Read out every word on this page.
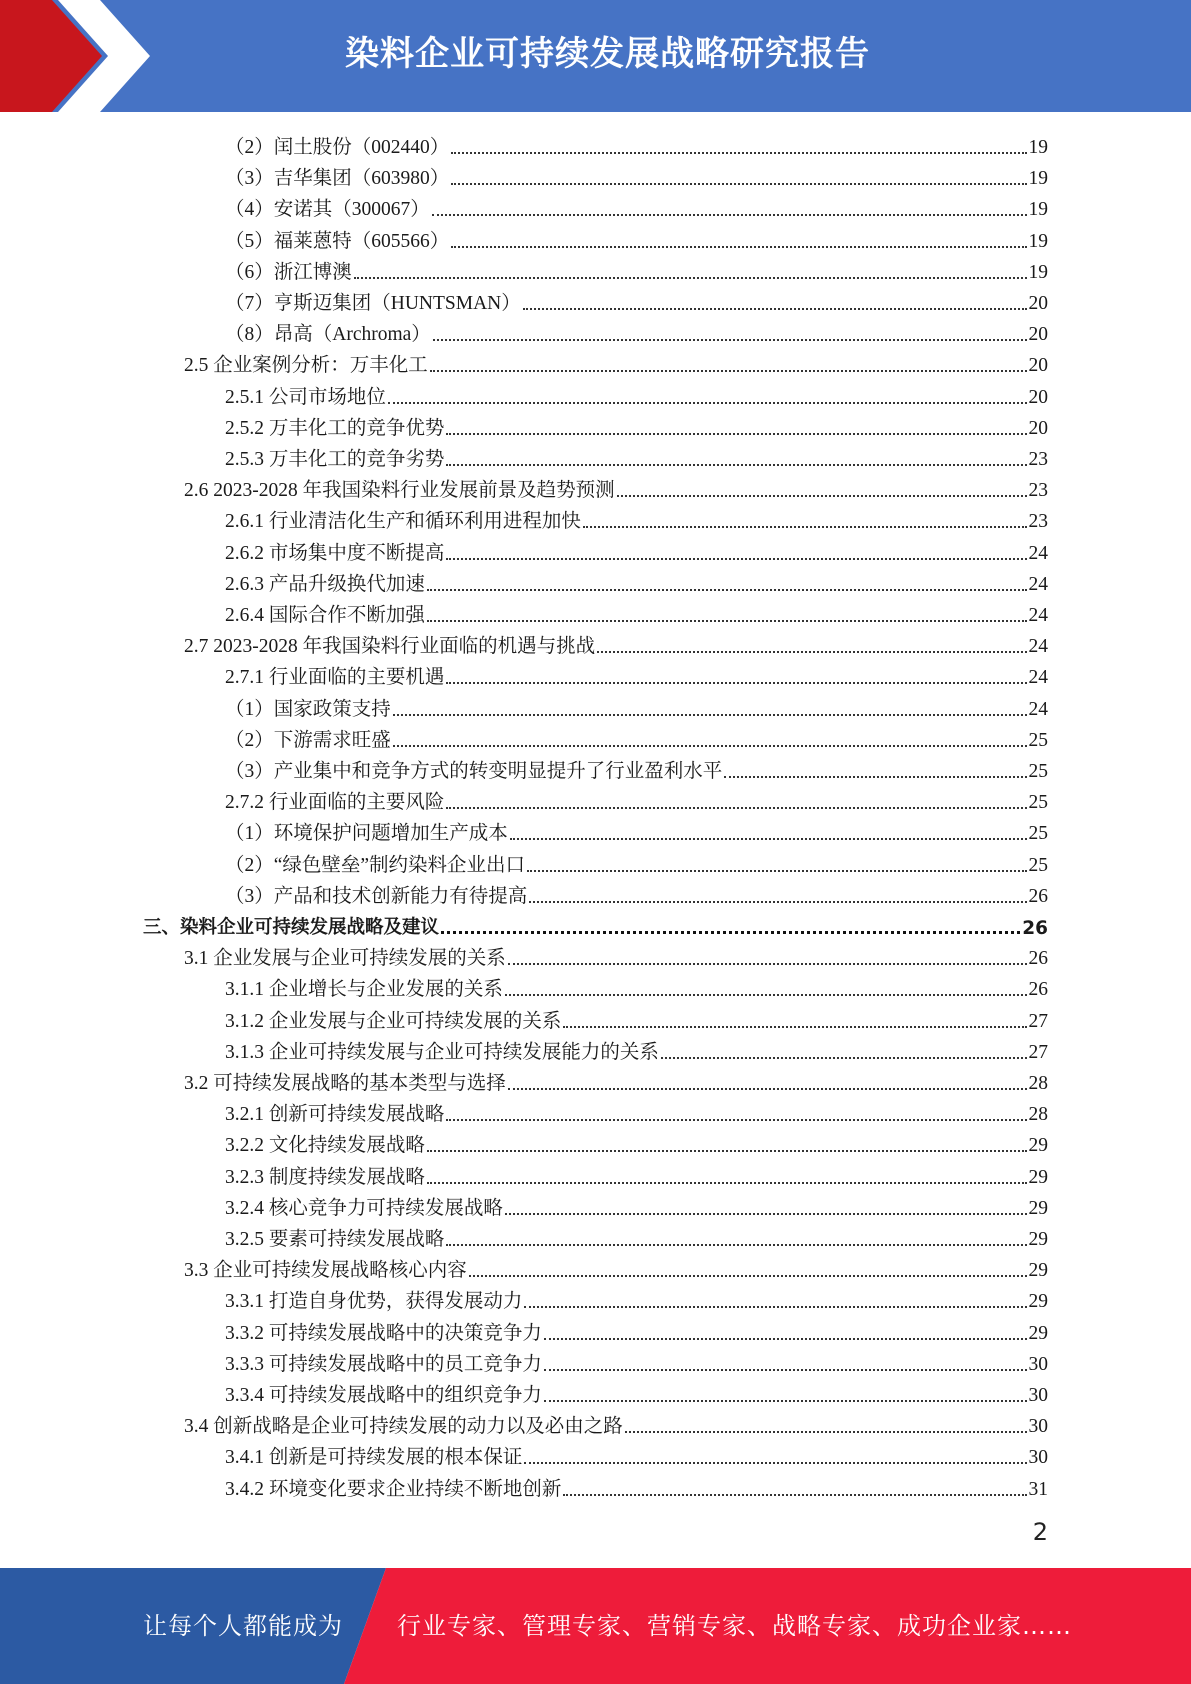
染料企业可持续发展战略研究报告
（2）闰土股份（002440）	19
（3）吉华集团（603980）	19
（4）安诺其（300067）	19
（5）福莱蒽特（605566）	19
（6）浙江博澳	19
（7）亨斯迈集团（HUNTSMAN）	20
（8）昂高（Archroma）	20
2.5 企业案例分析：万丰化工	20
2.5.1 公司市场地位	20
2.5.2 万丰化工的竞争优势	20
2.5.3 万丰化工的竞争劣势	23
2.6 2023-2028 年我国染料行业发展前景及趋势预测	23
2.6.1 行业清洁化生产和循环利用进程加快	23
2.6.2 市场集中度不断提高	24
2.6.3 产品升级换代加速	24
2.6.4 国际合作不断加强	24
2.7 2023-2028 年我国染料行业面临的机遇与挑战	24
2.7.1 行业面临的主要机遇	24
（1）国家政策支持	24
（2）下游需求旺盛	25
（3）产业集中和竞争方式的转变明显提升了行业盈利水平	25
2.7.2 行业面临的主要风险	25
（1）环境保护问题增加生产成本	25
（2）“绿色壁垒”制约染料企业出口	25
（3）产品和技术创新能力有待提高	26
三、染料企业可持续发展战略及建议	26
3.1 企业发展与企业可持续发展的关系	26
3.1.1 企业增长与企业发展的关系	26
3.1.2 企业发展与企业可持续发展的关系	27
3.1.3 企业可持续发展与企业可持续发展能力的关系	27
3.2 可持续发展战略的基本类型与选择	28
3.2.1 创新可持续发展战略	28
3.2.2 文化持续发展战略	29
3.2.3 制度持续发展战略	29
3.2.4 核心竞争力可持续发展战略	29
3.2.5 要素可持续发展战略	29
3.3 企业可持续发展战略核心内容	29
3.3.1 打造自身优势，获得发展动力	29
3.3.2 可持续发展战略中的决策竞争力	29
3.3.3 可持续发展战略中的员工竞争力	30
3.3.4 可持续发展战略中的组织竞争力	30
3.4 创新战略是企业可持续发展的动力以及必由之路	30
3.4.1 创新是可持续发展的根本保证	30
3.4.2 环境变化要求企业持续不断地创新	31
2
让每个人都能成为 行业专家、管理专家、营销专家、战略专家、成功企业家……
